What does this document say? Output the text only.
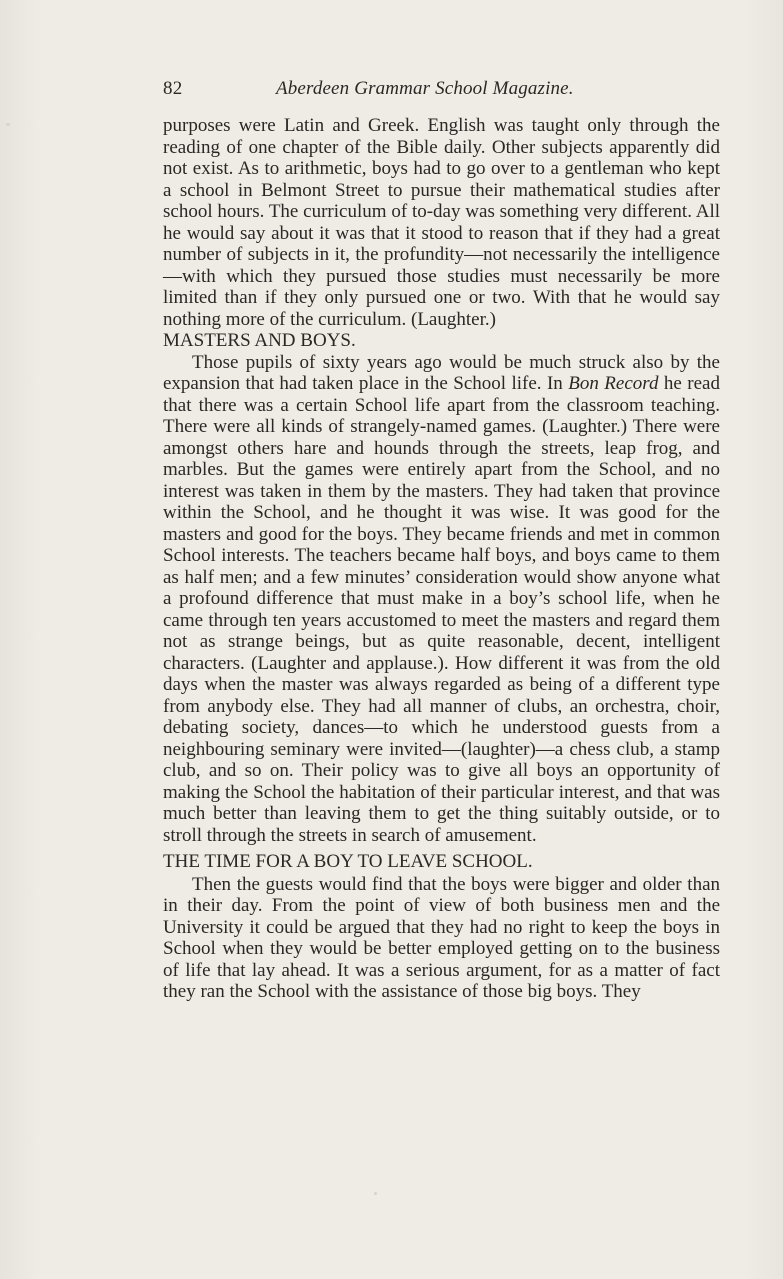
82	Aberdeen Grammar School Magazine.

purposes were Latin and Greek. English was taught only through the reading of one chapter of the Bible daily. Other subjects apparently did not exist. As to arithmetic, boys had to go over to a gentleman who kept a school in Belmont Street to pursue their mathematical studies after school hours. The curriculum of to-day was something very different. All he would say about it was that it stood to reason that if they had a great number of subjects in it, the profundity—not necessarily the intelligence—with which they pursued those studies must necessarily be more limited than if they only pursued one or two. With that he would say nothing more of the curriculum. (Laughter.)

MASTERS AND BOYS.

Those pupils of sixty years ago would be much struck also by the expansion that had taken place in the School life. In Bon Record he read that there was a certain School life apart from the classroom teaching. There were all kinds of strangely-named games. (Laughter.) There were amongst others hare and hounds through the streets, leap frog, and marbles. But the games were entirely apart from the School, and no interest was taken in them by the masters. They had taken that province within the School, and he thought it was wise. It was good for the masters and good for the boys. They became friends and met in common School interests. The teachers became half boys, and boys came to them as half men; and a few minutes’ consideration would show anyone what a profound difference that must make in a boy’s school life, when he came through ten years accustomed to meet the masters and regard them not as strange beings, but as quite reasonable, decent, intelligent characters. (Laughter and applause.). How different it was from the old days when the master was always regarded as being of a different type from anybody else. They had all manner of clubs, an orchestra, choir, debating society, dances—to which he understood guests from a neighbouring seminary were invited—(laughter)—a chess club, a stamp club, and so on. Their policy was to give all boys an opportunity of making the School the habitation of their particular interest, and that was much better than leaving them to get the thing suitably outside, or to stroll through the streets in search of amusement.

THE TIME FOR A BOY TO LEAVE SCHOOL.

Then the guests would find that the boys were bigger and older than in their day. From the point of view of both business men and the University it could be argued that they had no right to keep the boys in School when they would be better employed getting on to the business of life that lay ahead. It was a serious argument, for as a matter of fact they ran the School with the assistance of those big boys. They
